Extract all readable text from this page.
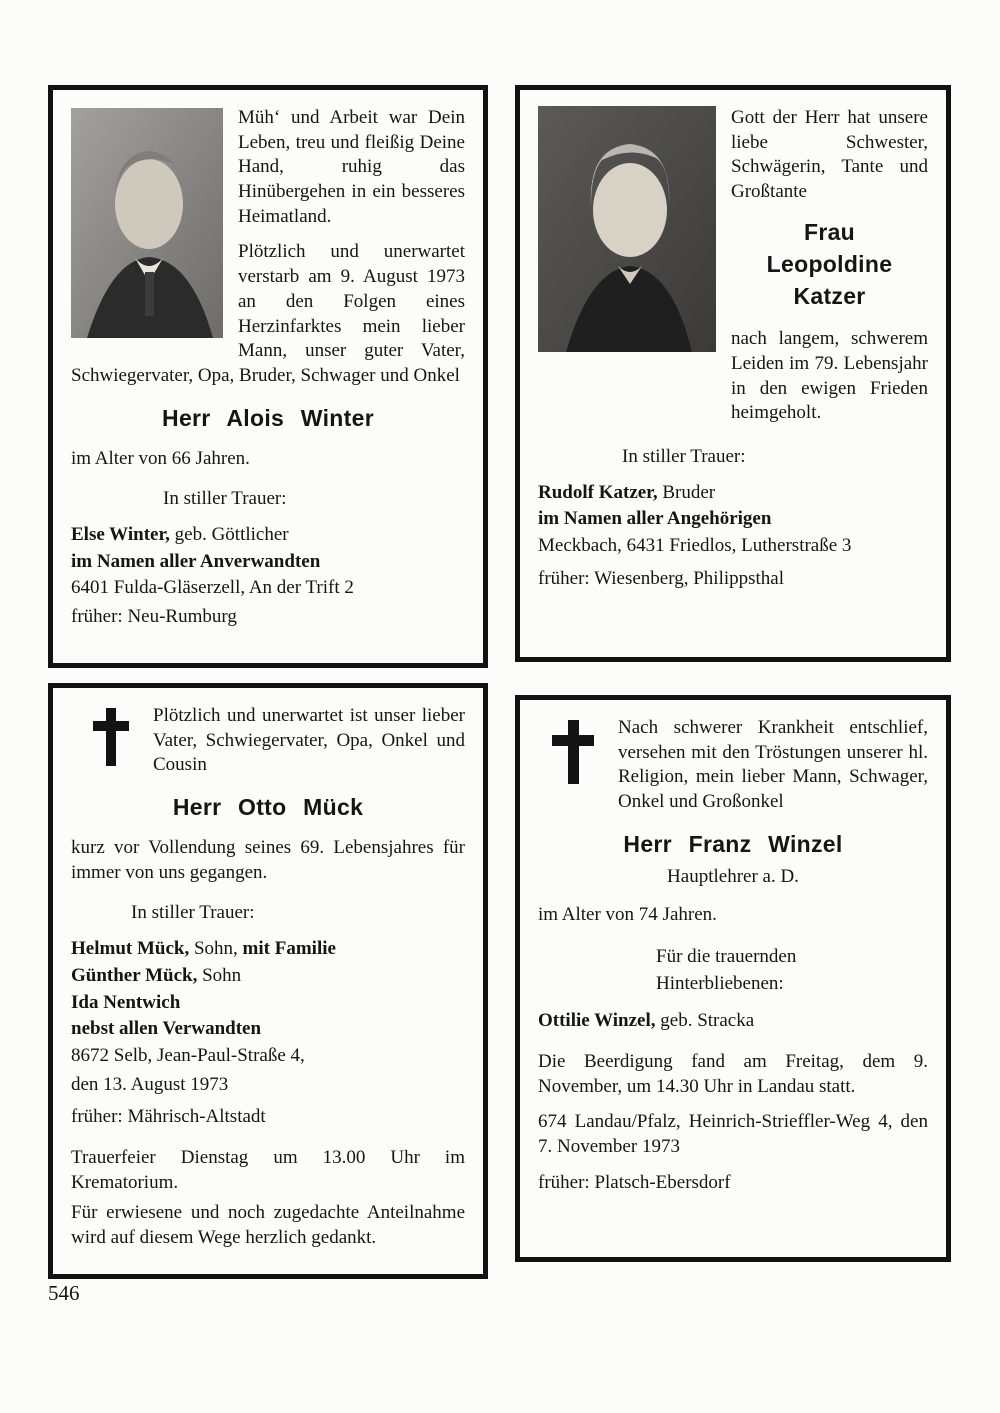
Müh‘ und Arbeit war Dein Leben, treu und fleißig Deine Hand, ruhig das Hinübergehen in ein besseres Heimatland.

Plötzlich und unerwartet verstarb am 9. August 1973 an den Folgen eines Herzinfarktes mein lieber Mann, unser guter Vater, Schwiegervater, Opa, Bruder, Schwager und Onkel

Herr Alois Winter

im Alter von 66 Jahren.

In stiller Trauer:

Else Winter, geb. Göttlicher

im Namen aller Anverwandten

6401 Fulda-Gläserzell, An der Trift 2

früher: Neu-Rumburg

Gott der Herr hat unsere liebe Schwester, Schwägerin, Tante und Großtante

Frau
Leopoldine Katzer

nach langem, schwerem Leiden im 79. Lebensjahr in den ewigen Frieden heimgeholt.

In stiller Trauer:

Rudolf Katzer, Bruder

im Namen aller Angehörigen

Meckbach, 6431 Friedlos, Lutherstraße 3

früher: Wiesenberg, Philippsthal

Plötzlich und unerwartet ist unser lieber Vater, Schwiegervater, Opa, Onkel und Cousin

Herr Otto Mück

kurz vor Vollendung seines 69. Lebensjahres für immer von uns gegangen.

In stiller Trauer:

Helmut Mück, Sohn, mit Familie

Günther Mück, Sohn

Ida Nentwich

nebst allen Verwandten

8672 Selb, Jean-Paul-Straße 4,

den 13. August 1973

früher: Mährisch-Altstadt

Trauerfeier Dienstag um 13.00 Uhr im Krematorium.

Für erwiesene und noch zugedachte Anteilnahme wird auf diesem Wege herzlich gedankt.

Nach schwerer Krankheit entschlief, versehen mit den Tröstungen unserer hl. Religion, mein lieber Mann, Schwager, Onkel und Großonkel

Herr Franz Winzel

Hauptlehrer a. D.

im Alter von 74 Jahren.

Für die trauernden
Hinterbliebenen:

Ottilie Winzel, geb. Stracka

Die Beerdigung fand am Freitag, dem 9. November, um 14.30 Uhr in Landau statt.

674 Landau/Pfalz, Heinrich-Strieffler-Weg 4, den 7. November 1973

früher: Platsch-Ebersdorf

546
